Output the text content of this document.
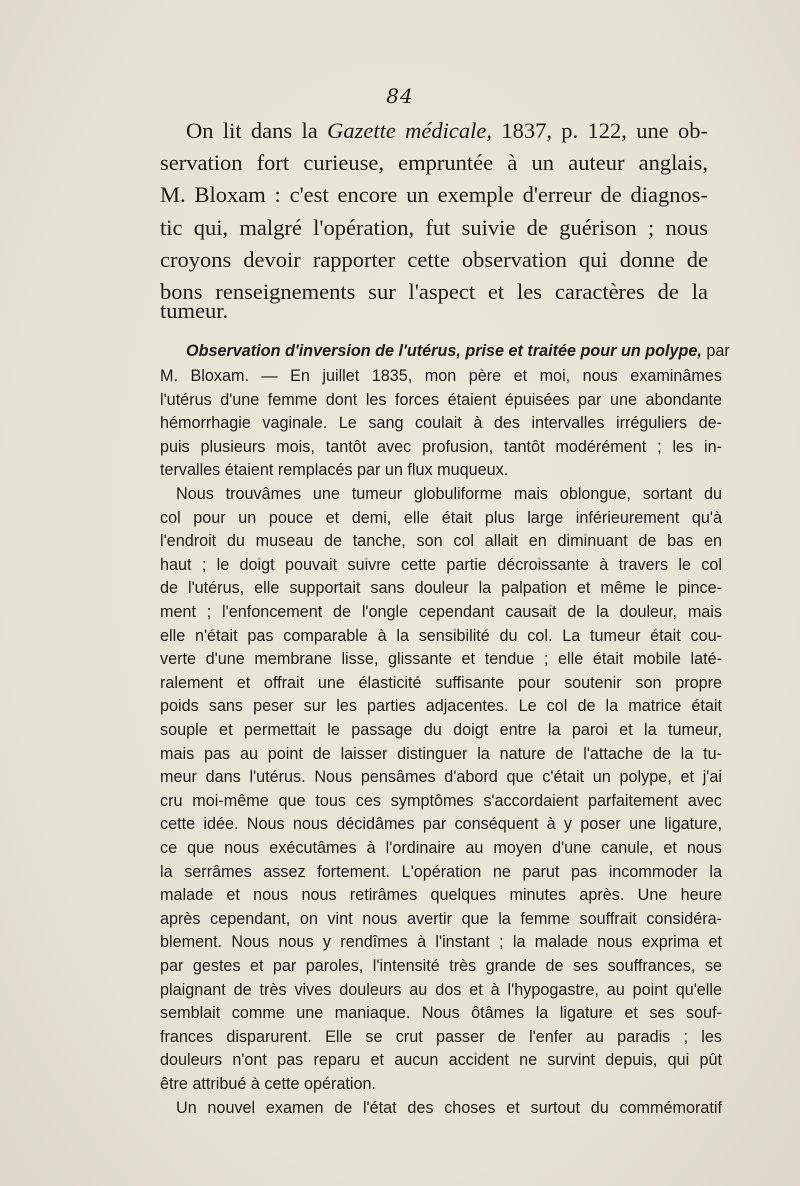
84

On lit dans la Gazette médicale, 1837, p. 122, une ob-

servation fort curieuse, empruntée à un auteur anglais,

M. Bloxam : c'est encore un exemple d'erreur de diagnos-

tic qui, malgré l'opération, fut suivie de guérison ; nous

croyons devoir rapporter cette observation qui donne de

bons renseignements sur l'aspect et les caractères de la

tumeur.

Observation d'inversion de l'utérus, prise et traitée pour un polype, par

M. Bloxam. — En juillet 1835, mon père et moi, nous examinâmes

l'utérus d'une femme dont les forces étaient épuisées par une abondante

hémorrhagie vaginale. Le sang coulait à des intervalles irréguliers de-

puis plusieurs mois, tantôt avec profusion, tantôt modérément ; les in-

tervalles étaient remplacés par un flux muqueux.

Nous trouvâmes une tumeur globuliforme mais oblongue, sortant du

col pour un pouce et demi, elle était plus large inférieurement qu'à

l'endroit du museau de tanche, son col allait en diminuant de bas en

haut ; le doigt pouvait suivre cette partie décroissante à travers le col

de l'utérus, elle supportait sans douleur la palpation et même le pince-

ment ; l'enfoncement de l'ongle cependant causait de la douleur, mais

elle n'était pas comparable à la sensibilité du col. La tumeur était cou-

verte d'une membrane lisse, glissante et tendue ; elle était mobile laté-

ralement et offrait une élasticité suffisante pour soutenir son propre

poids sans peser sur les parties adjacentes. Le col de la matrice était

souple et permettait le passage du doigt entre la paroi et la tumeur,

mais pas au point de laisser distinguer la nature de l'attache de la tu-

meur dans l'utérus. Nous pensâmes d'abord que c'était un polype, et j'ai

cru moi-même que tous ces symptômes s'accordaient parfaitement avec

cette idée. Nous nous décidâmes par conséquent à y poser une ligature,

ce que nous exécutâmes à l'ordinaire au moyen d'une canule, et nous

la serrâmes assez fortement. L'opération ne parut pas incommoder la

malade et nous nous retirâmes quelques minutes après. Une heure

après cependant, on vint nous avertir que la femme souffrait considéra-

blement. Nous nous y rendîmes à l'instant ; la malade nous exprima et

par gestes et par paroles, l'intensité très grande de ses souffrances, se

plaignant de très vives douleurs au dos et à l'hypogastre, au point qu'elle

semblait comme une maniaque. Nous ôtâmes la ligature et ses souf-

frances disparurent. Elle se crut passer de l'enfer au paradis ; les

douleurs n'ont pas reparu et aucun accident ne survint depuis, qui pût

être attribué à cette opération.

Un nouvel examen de l'état des choses et surtout du commémoratif
